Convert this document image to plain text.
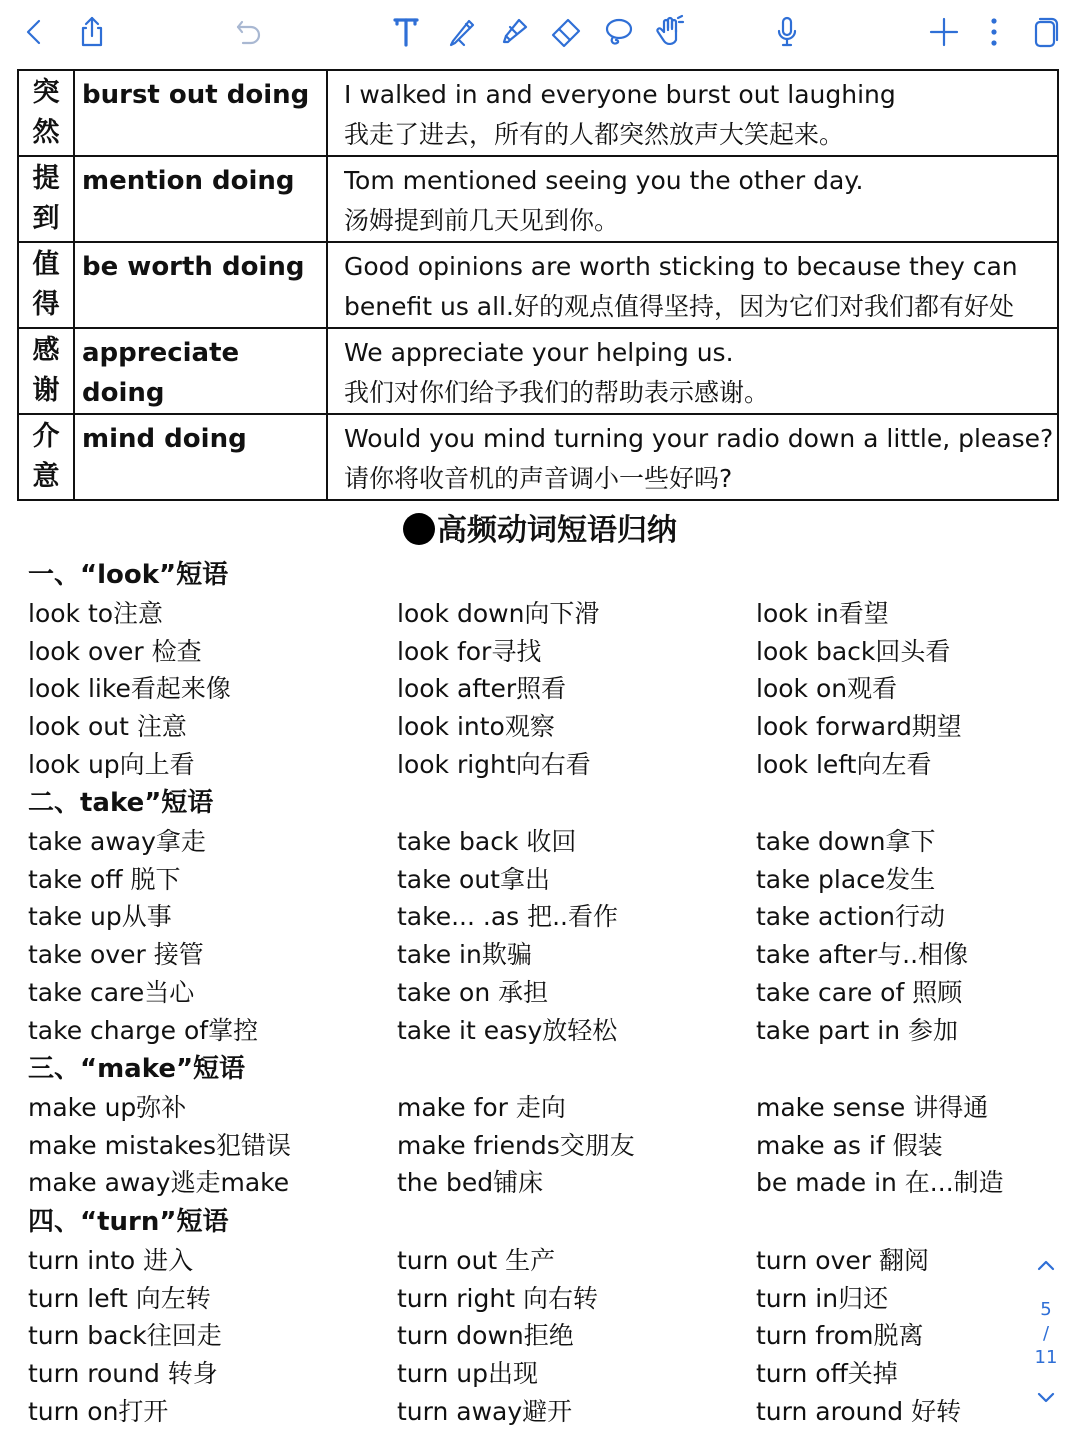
突
然	burst out doing	I walked in and everyone burst out laughing
我走了进去，所有的人都突然放声大笑起来。

提
到	mention doing	Tom mentioned seeing you the other day.
汤姆提到前几天见到你。

值
得	be worth doing	Good opinions are worth sticking to because they can
benefit us all.好的观点值得坚持，因为它们对我们都有好处

感
谢	appreciate doing	We appreciate your helping us.
我们对你们给予我们的帮助表示感谢。

介
意	mind doing	Would you mind turning your radio down a little, please?
请你将收音机的声音调小一些好吗?
高频动词短语归纳
一、“look”短语
look to注意	look down向下滑	look in看望
look over 检查	look for寻找	look back回头看
look like看起来像	look after照看	look on观看
look out 注意	look into观察	look forward期望
look up向上看	look right向右看	look left向左看
二、take”短语
take away拿走	take back 收回	take down拿下
take off 脱下	take out拿出	take place发生
take up从事	take... .as 把..看作	take action行动
take over 接管	take in欺骗	take after与..相像
take care当心	take on 承担	take care of 照顾
take charge of掌控	take it easy放轻松	take part in 参加
三、“make”短语
make up弥补	make for 走向	make sense 讲得通
make mistakes犯错误	make friends交朋友	make as if 假装
make away逃走make	the bed铺床	be made in 在...制造
四、“turn”短语
turn into 进入	turn out 生产	turn over 翻阅
turn left 向左转	turn right 向右转	turn in归还
turn back往回走	turn down拒绝	turn from脱离
turn round 转身	turn up出现	turn off关掉
turn on打开	turn away避开	turn around 好转
5
/
11
